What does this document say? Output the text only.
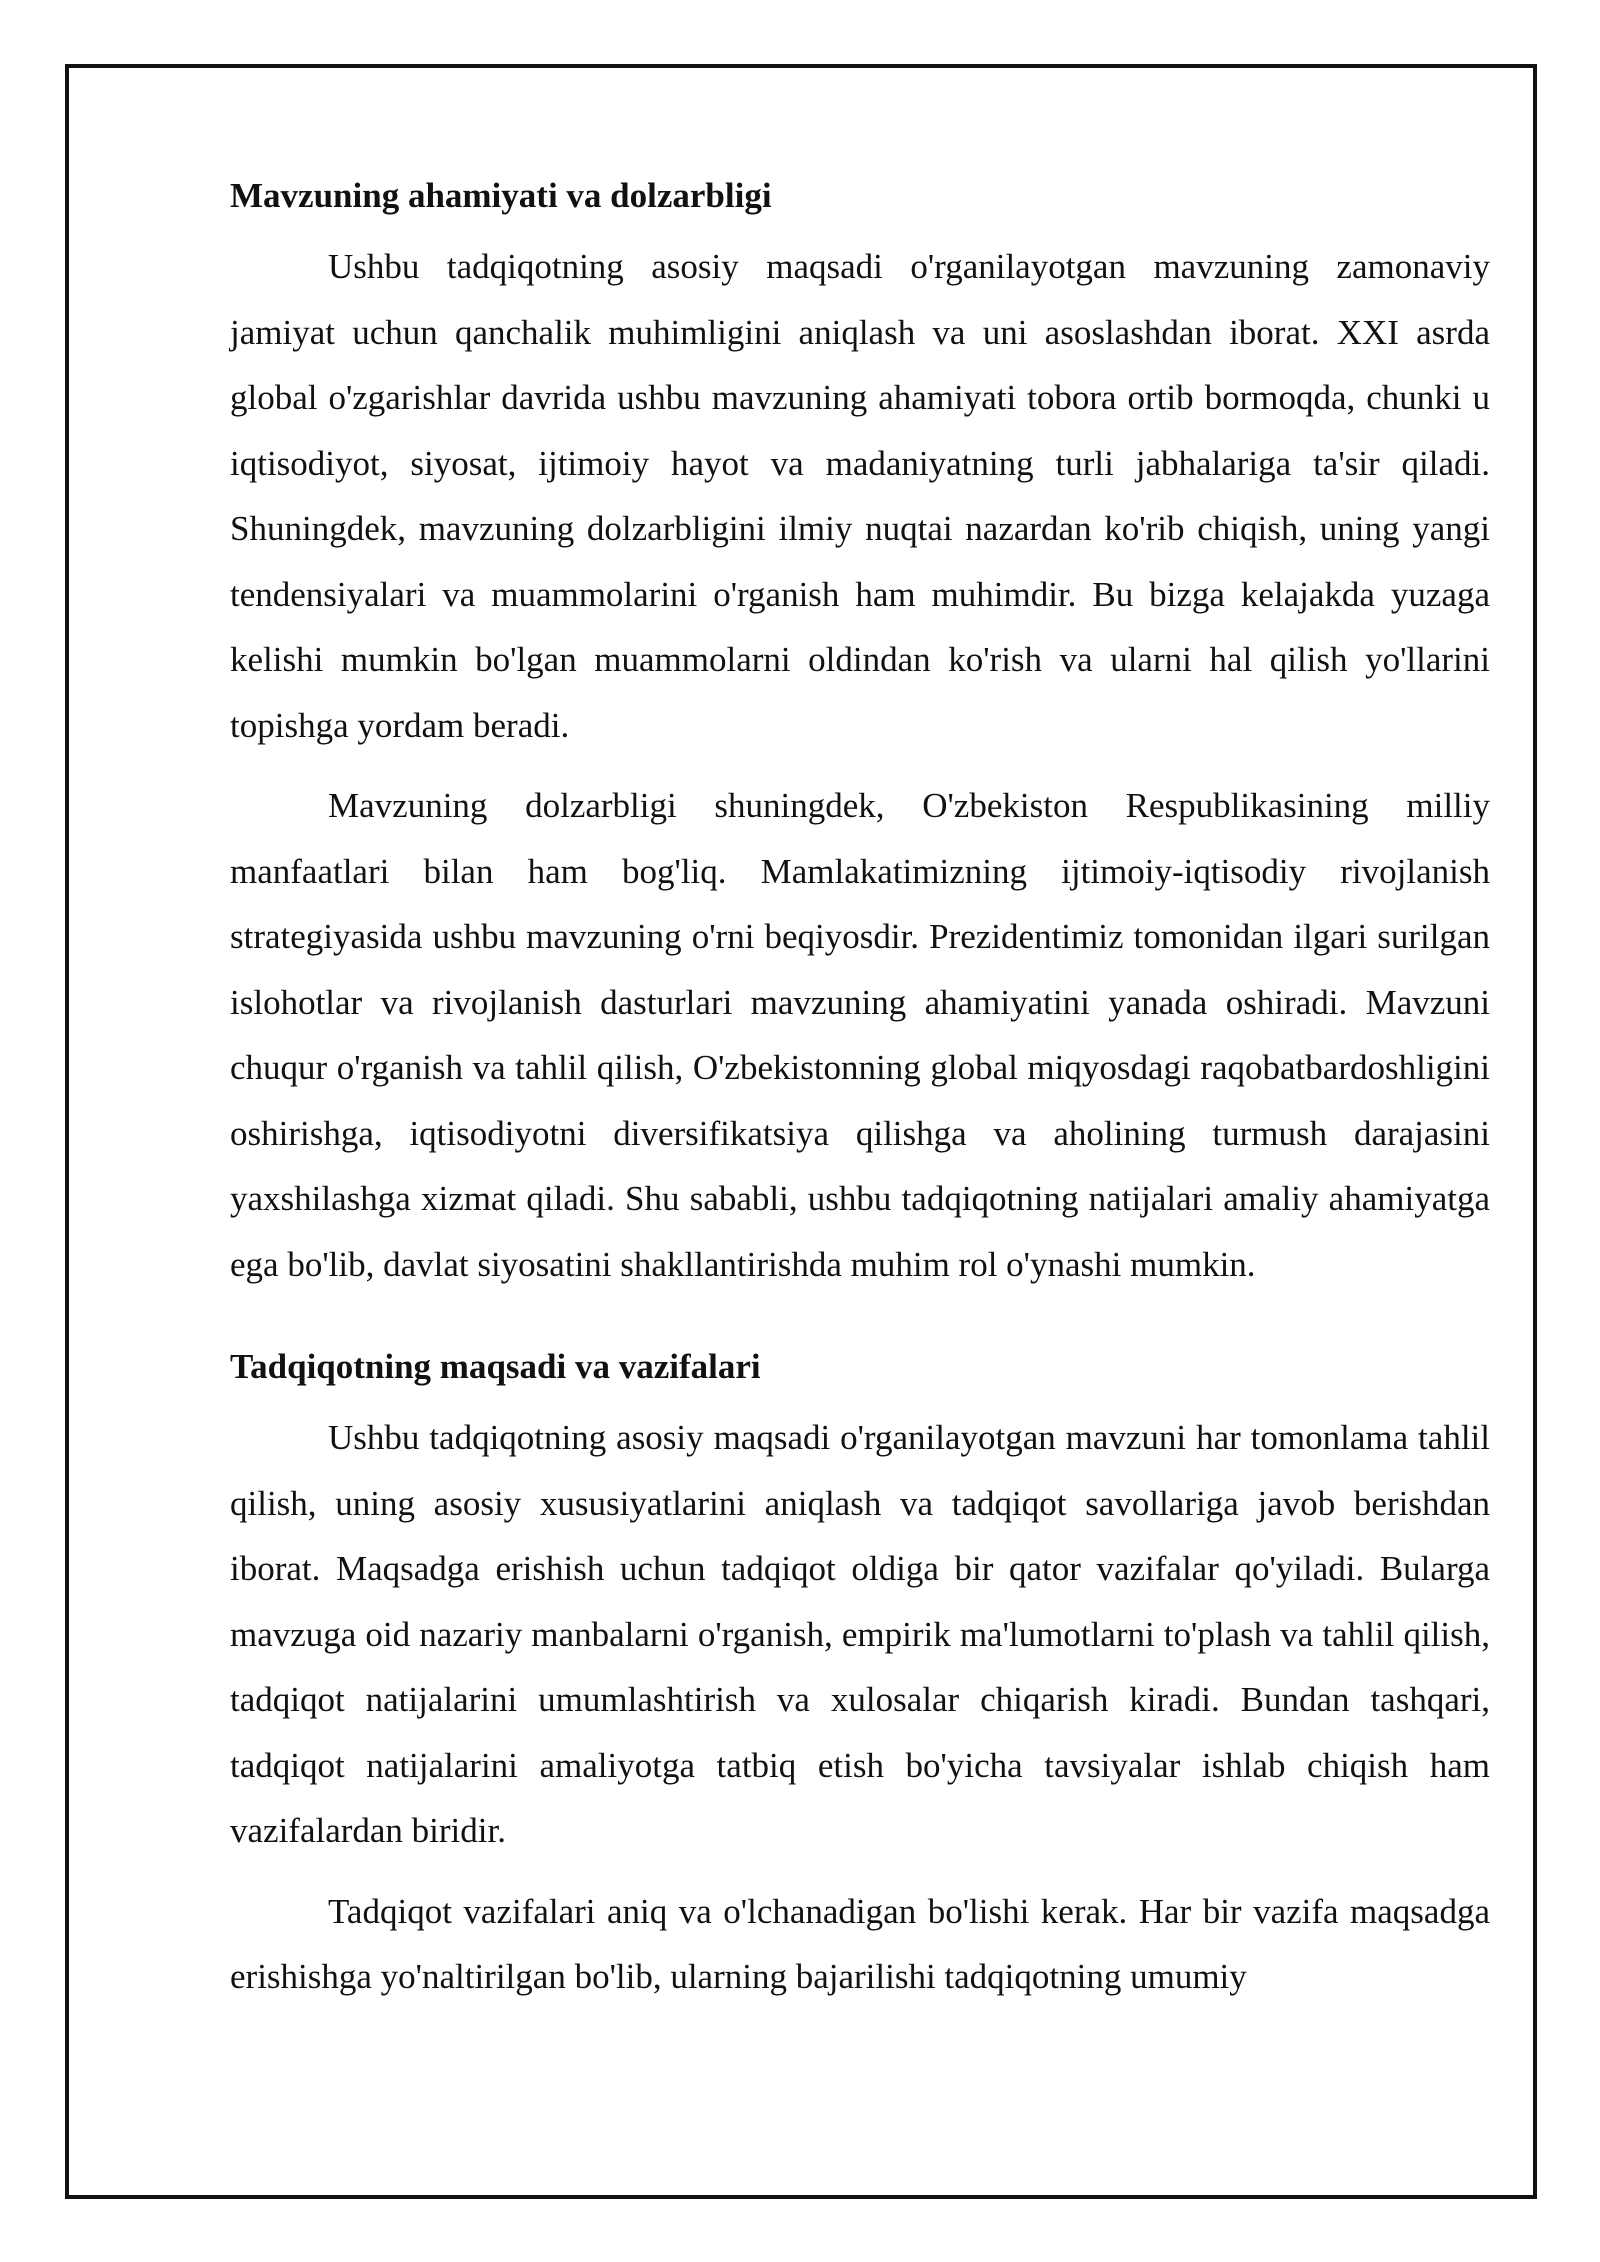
Mavzuning ahamiyati va dolzarbligi

Ushbu tadqiqotning asosiy maqsadi o'rganilayotgan mavzuning zamonaviy jamiyat uchun qanchalik muhimligini aniqlash va uni asoslashdan iborat. XXI asrda global o'zgarishlar davrida ushbu mavzuning ahamiyati tobora ortib bormoqda, chunki u iqtisodiyot, siyosat, ijtimoiy hayot va madaniyatning turli jabhalariga ta'sir qiladi. Shuningdek, mavzuning dolzarbligini ilmiy nuqtai nazardan ko'rib chiqish, uning yangi tendensiyalari va muammolarini o'rganish ham muhimdir. Bu bizga kelajakda yuzaga kelishi mumkin bo'lgan muammolarni oldindan ko'rish va ularni hal qilish yo'llarini topishga yordam beradi.

Mavzuning dolzarbligi shuningdek, O'zbekiston Respublikasining milliy manfaatlari bilan ham bog'liq. Mamlakatimizning ijtimoiy-iqtisodiy rivojlanish strategiyasida ushbu mavzuning o'rni beqiyosdir. Prezidentimiz tomonidan ilgari surilgan islohotlar va rivojlanish dasturlari mavzuning ahamiyatini yanada oshiradi. Mavzuni chuqur o'rganish va tahlil qilish, O'zbekistonning global miqyosdagi raqobatbardoshligini oshirishga, iqtisodiyotni diversifikatsiya qilishga va aholining turmush darajasini yaxshilashga xizmat qiladi. Shu sababli, ushbu tadqiqotning natijalari amaliy ahamiyatga ega bo'lib, davlat siyosatini shakllantirishda muhim rol o'ynashi mumkin.

Tadqiqotning maqsadi va vazifalari

Ushbu tadqiqotning asosiy maqsadi o'rganilayotgan mavzuni har tomonlama tahlil qilish, uning asosiy xususiyatlarini aniqlash va tadqiqot savollariga javob berishdan iborat. Maqsadga erishish uchun tadqiqot oldiga bir qator vazifalar qo'yiladi. Bularga mavzuga oid nazariy manbalarni o'rganish, empirik ma'lumotlarni to'plash va tahlil qilish, tadqiqot natijalarini umumlashtirish va xulosalar chiqarish kiradi. Bundan tashqari, tadqiqot natijalarini amaliyotga tatbiq etish bo'yicha tavsiyalar ishlab chiqish ham vazifalardan biridir.

Tadqiqot vazifalari aniq va o'lchanadigan bo'lishi kerak. Har bir vazifa maqsadga erishishga yo'naltirilgan bo'lib, ularning bajarilishi tadqiqotning umumiy
